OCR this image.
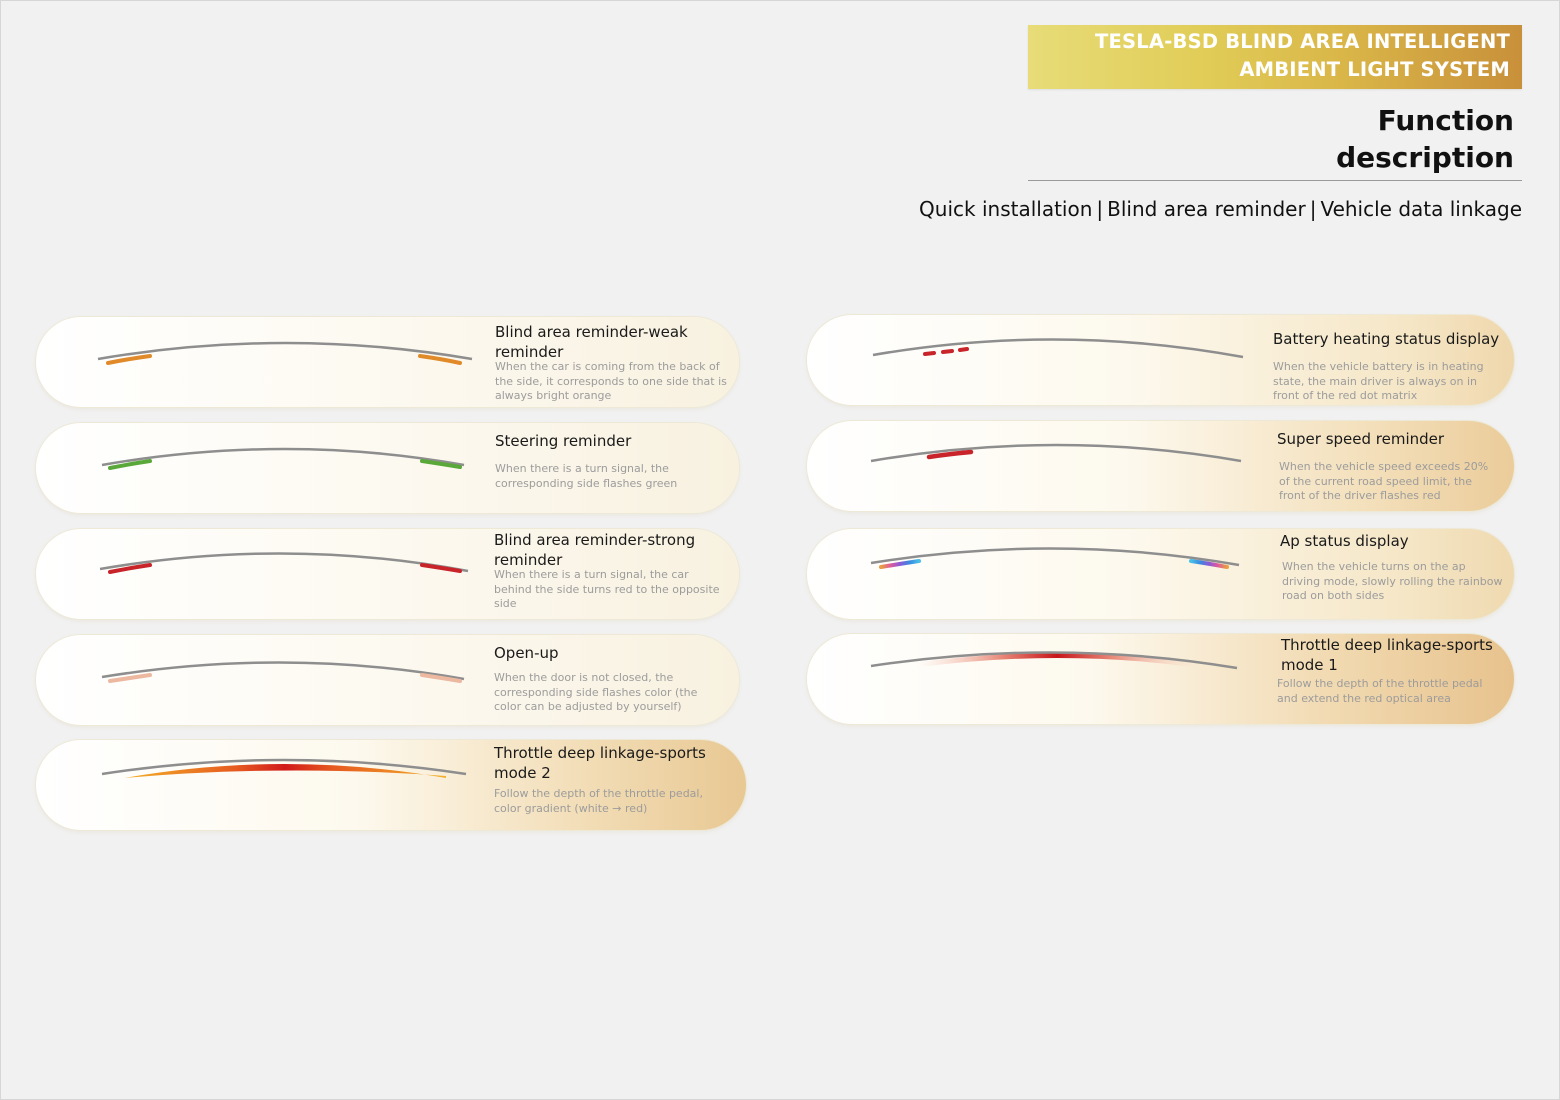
TESLA-BSD BLIND AREA INTELLIGENT
AMBIENT LIGHT SYSTEM
Function
description
Quick installation | Blind area reminder | Vehicle data linkage
Blind area reminder-weak reminder
When the car is coming from the back of the side, it corresponds to one side that is always bright orange
Steering reminder
When there is a turn signal, the corresponding side flashes green
Blind area reminder-strong reminder
When there is a turn signal, the car behind the side turns red to the opposite side
Open-up
When the door is not closed, the corresponding side flashes color (the color can be adjusted by yourself)
Throttle deep linkage-sports mode 2
Follow the depth of the throttle pedal, color gradient (white → red)
Battery heating status display
When the vehicle battery is in heating state, the main driver is always on in front of the red dot matrix
Super speed reminder
When the vehicle speed exceeds 20% of the current road speed limit, the front of the driver flashes red
Ap status display
When the vehicle turns on the ap driving mode, slowly rolling the rainbow road on both sides
Throttle deep linkage-sports mode 1
Follow the depth of the throttle pedal and extend the red optical area
